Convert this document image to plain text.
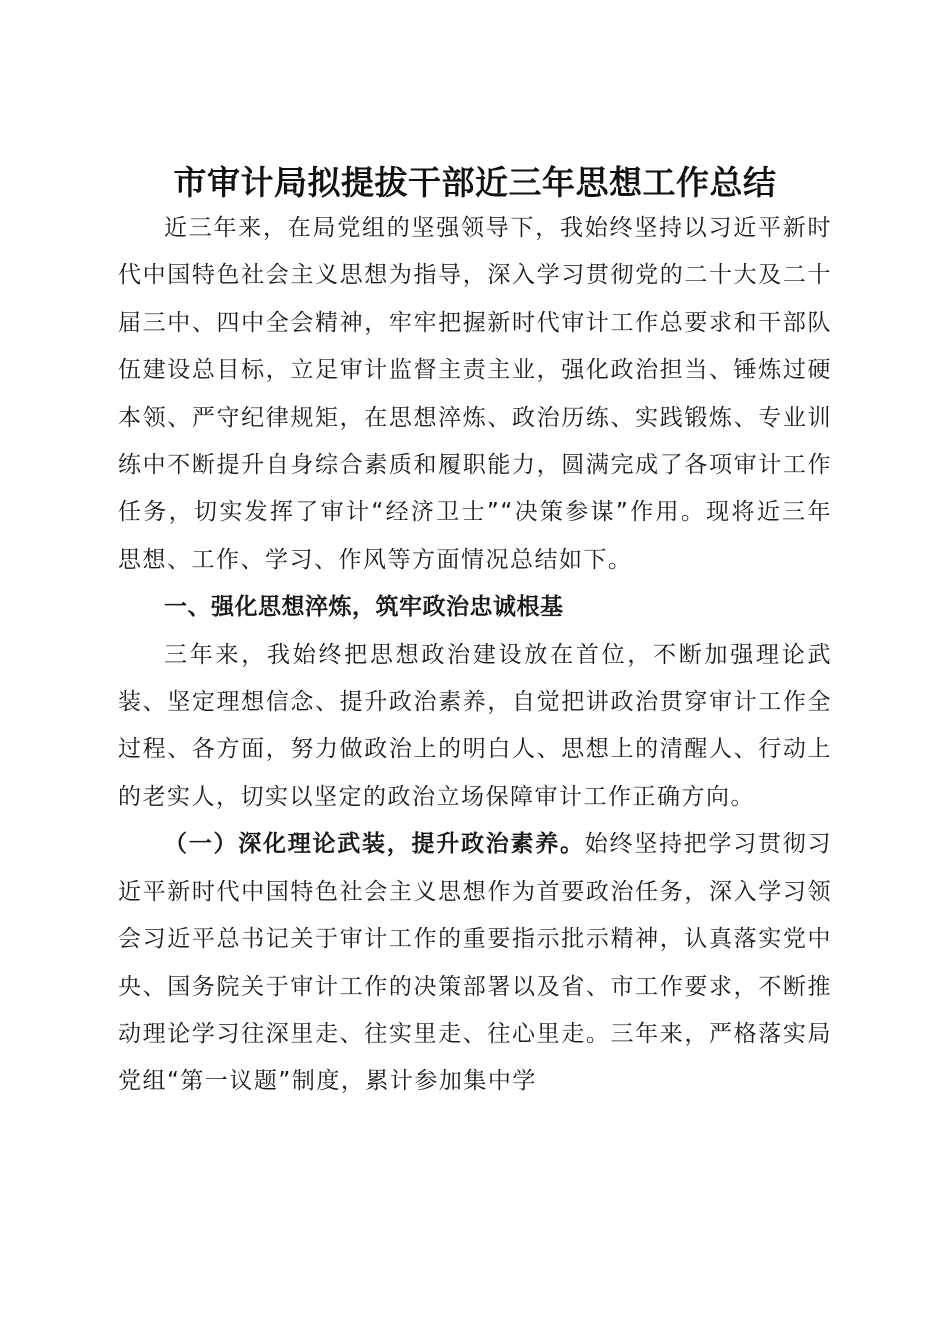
市审计局拟提拔干部近三年思想工作总结

近三年来，在局党组的坚强领导下，我始终坚持以习近平新时代中国特色社会主义思想为指导，深入学习贯彻党的二十大及二十届三中、四中全会精神，牢牢把握新时代审计工作总要求和干部队伍建设总目标，立足审计监督主责主业，强化政治担当、锤炼过硬本领、严守纪律规矩，在思想淬炼、政治历练、实践锻炼、专业训练中不断提升自身综合素质和履职能力，圆满完成了各项审计工作任务，切实发挥了审计“经济卫士”“决策参谋”作用。现将近三年思想、工作、学习、作风等方面情况总结如下。

一、强化思想淬炼，筑牢政治忠诚根基

三年来，我始终把思想政治建设放在首位，不断加强理论武装、坚定理想信念、提升政治素养，自觉把讲政治贯穿审计工作全过程、各方面，努力做政治上的明白人、思想上的清醒人、行动上的老实人，切实以坚定的政治立场保障审计工作正确方向。

（一）深化理论武装，提升政治素养。始终坚持把学习贯彻习近平新时代中国特色社会主义思想作为首要政治任务，深入学习领会习近平总书记关于审计工作的重要指示批示精神，认真落实党中央、国务院关于审计工作的决策部署以及省、市工作要求，不断推动理论学习往深里走、往实里走、往心里走。三年来，严格落实局党组“第一议题”制度，累计参加集中学
